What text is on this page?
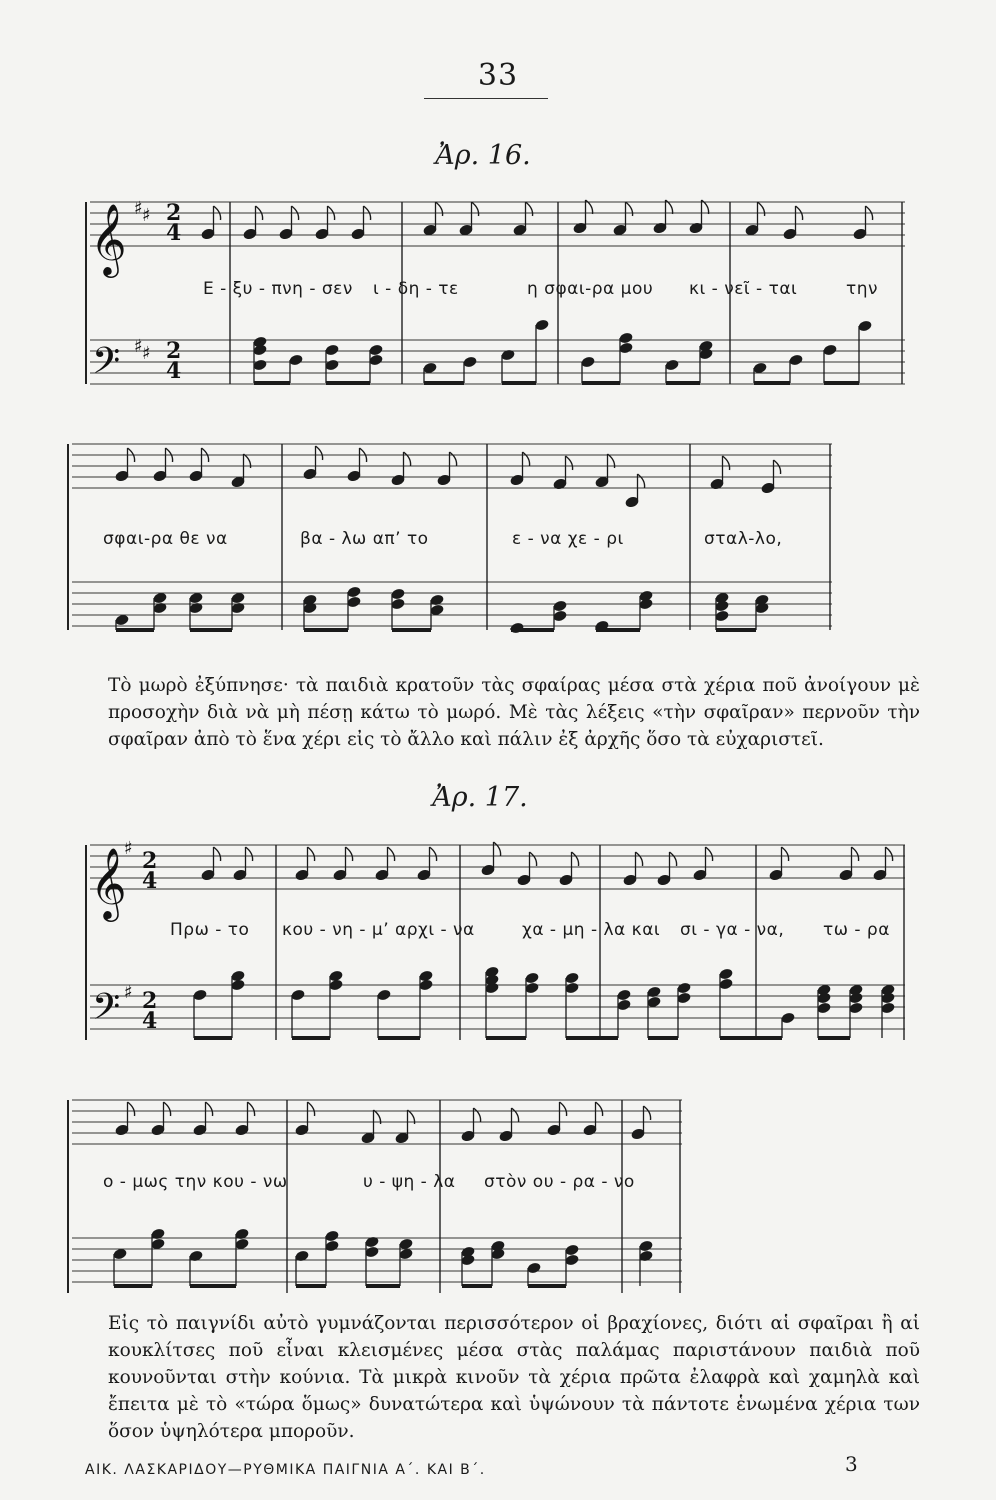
33
Ἀρ. 16.
𝄞
𝄢
♯ ♯
♯ ♯
2
4
2
4
Ε - ξυ - πνη - σεν ι - δη - τε	η σφαι-ρα μου κι - νεῖ - ται	την
σφαι-ρα θε να	βα - λω απ’ το	ε - να χε - ρι	σταλ-λο,

Τὸ μωρὸ ἐξύπνησε· τὰ παιδιὰ κρατοῦν τὰς σφαίρας μέσα στὰ χέρια ποῦ ἀνοίγουν μὲ προσοχὴν διὰ νὰ μὴ πέσῃ κάτω τὸ μωρό. Μὲ τὰς λέξεις «τὴν σφαῖραν» περνοῦν τὴν σφαῖραν ἀπὸ τὸ ἕνα χέρι εἰς τὸ ἄλλο καὶ πάλιν ἐξ ἀρχῆς ὅσο τὰ εὐχαριστεῖ.

Ἀρ. 17.
𝄞
𝄢
♯
♯
2
4
2
4
Πρω - το κου - νη - μ’ αρχι - να	χα - μη - λα και σι - γα - να, τω - ρα
ο - μως την κου - νω	υ - ψη - λα στὸν ου - ρα - νο

Εἰς τὸ παιγνίδι αὐτὸ γυμνάζονται περισσότερον οἱ βραχίονες, διότι αἱ σφαῖραι ἢ αἱ κουκλίτσες ποῦ εἶναι κλεισμένες μέσα στὰς παλάμας παριστάνουν παιδιὰ ποῦ κουνοῦνται στὴν κούνια. Τὰ μικρὰ κινοῦν τὰ χέρια πρῶτα ἐλαφρὰ καὶ χαμηλὰ καὶ ἔπειτα μὲ τὸ «τώρα ὅμως» δυνατώτερα καὶ ὑψώνουν τὰ πάντοτε ἑνωμένα χέρια των ὅσον ὑψηλότερα μποροῦν.

ΑΙΚ. ΛΑΣΚΑΡΙΔΟΥ—ΡΥΘΜΙΚΑ ΠΑΙΓΝΙΑ Α΄. ΚΑΙ Β΄.	3
